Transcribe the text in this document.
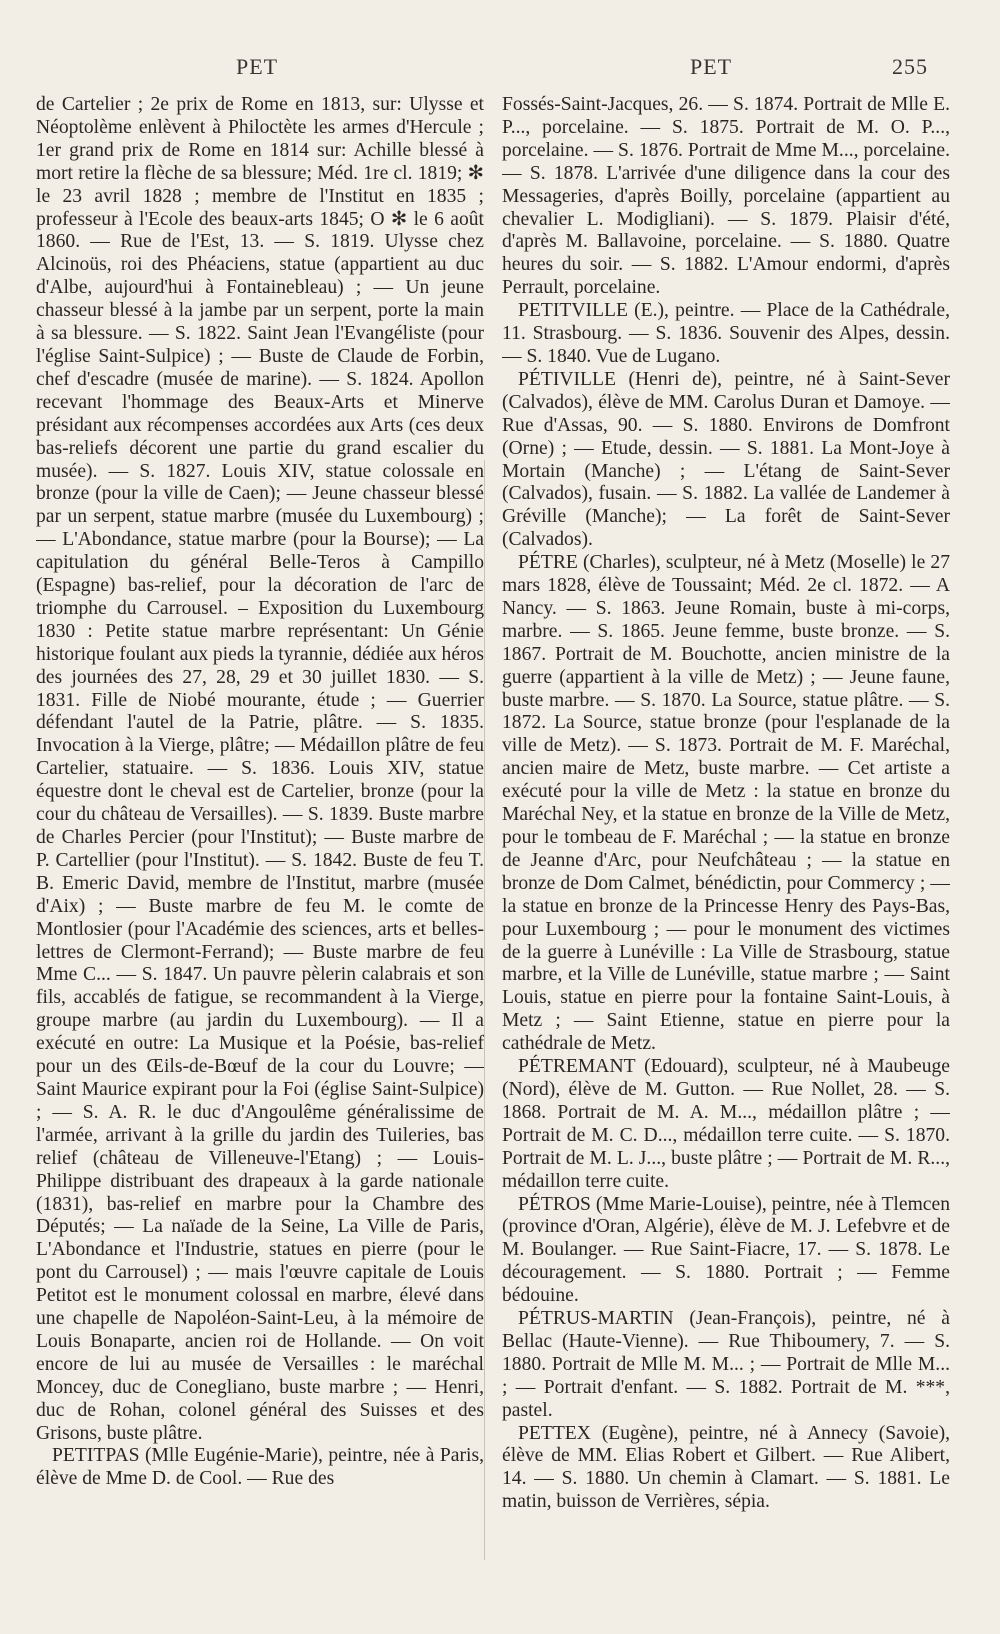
PET	PET	255

de Cartelier ; 2e prix de Rome en 1813, sur: Ulysse et Néoptolème enlèvent à Philoctète les armes d'Hercule ; 1er grand prix de Rome en 1814 sur: Achille blessé à mort retire la flèche de sa blessure; Méd. 1re cl. 1819; ✻ le 23 avril 1828 ; membre de l'Institut en 1835 ; professeur à l'Ecole des beaux-arts 1845; O ✻ le 6 août 1860. — Rue de l'Est, 13. — S. 1819. Ulysse chez Alcinoüs, roi des Phéaciens, statue (appartient au duc d'Albe, aujourd'hui à Fontainebleau) ; — Un jeune chasseur blessé à la jambe par un serpent, porte la main à sa blessure. — S. 1822. Saint Jean l'Evangéliste (pour l'église Saint-Sulpice) ; — Buste de Claude de Forbin, chef d'escadre (musée de marine). — S. 1824. Apollon recevant l'hommage des Beaux-Arts et Minerve présidant aux récompenses accordées aux Arts (ces deux bas-reliefs décorent une partie du grand escalier du musée). — S. 1827. Louis XIV, statue colossale en bronze (pour la ville de Caen); — Jeune chasseur blessé par un serpent, statue marbre (musée du Luxembourg) ; — L'Abondance, statue marbre (pour la Bourse); — La capitulation du général Belle-Teros à Campillo (Espagne) bas-relief, pour la décoration de l'arc de triomphe du Carrousel. – Exposition du Luxembourg 1830 : Petite statue marbre représentant: Un Génie historique foulant aux pieds la tyrannie, dédiée aux héros des journées des 27, 28, 29 et 30 juillet 1830. — S. 1831. Fille de Niobé mourante, étude ; — Guerrier défendant l'autel de la Patrie, plâtre. — S. 1835. Invocation à la Vierge, plâtre; — Médaillon plâtre de feu Cartelier, statuaire. — S. 1836. Louis XIV, statue équestre dont le cheval est de Cartelier, bronze (pour la cour du château de Versailles). — S. 1839. Buste marbre de Charles Percier (pour l'Institut); — Buste marbre de P. Cartellier (pour l'Institut). — S. 1842. Buste de feu T. B. Emeric David, membre de l'Institut, marbre (musée d'Aix) ; — Buste marbre de feu M. le comte de Montlosier (pour l'Académie des sciences, arts et belles-lettres de Clermont-Ferrand); — Buste marbre de feu Mme C... — S. 1847. Un pauvre pèlerin calabrais et son fils, accablés de fatigue, se recommandent à la Vierge, groupe marbre (au jardin du Luxembourg). — Il a exécuté en outre: La Musique et la Poésie, bas-relief pour un des Œils-de-Bœuf de la cour du Louvre; — Saint Maurice expirant pour la Foi (église Saint-Sulpice) ; — S. A. R. le duc d'Angoulême généralissime de l'armée, arrivant à la grille du jardin des Tuileries, bas relief (château de Villeneuve-l'Etang) ; — Louis-Philippe distribuant des drapeaux à la garde nationale (1831), bas-relief en marbre pour la Chambre des Députés; — La naïade de la Seine, La Ville de Paris, L'Abondance et l'Industrie, statues en pierre (pour le pont du Carrousel) ; — mais l'œuvre capitale de Louis Petitot est le monument colossal en marbre, élevé dans une chapelle de Napoléon-Saint-Leu, à la mémoire de Louis Bonaparte, ancien roi de Hollande. — On voit encore de lui au musée de Versailles : le maréchal Moncey, duc de Conegliano, buste marbre ; — Henri, duc de Rohan, colonel général des Suisses et des Grisons, buste plâtre.

PETITPAS (Mlle Eugénie-Marie), peintre, née à Paris, élève de Mme D. de Cool. — Rue des

Fossés-Saint-Jacques, 26. — S. 1874. Portrait de Mlle E. P..., porcelaine. — S. 1875. Portrait de M. O. P..., porcelaine. — S. 1876. Portrait de Mme M..., porcelaine. — S. 1878. L'arrivée d'une diligence dans la cour des Messageries, d'après Boilly, porcelaine (appartient au chevalier L. Modigliani). — S. 1879. Plaisir d'été, d'après M. Ballavoine, porcelaine. — S. 1880. Quatre heures du soir. — S. 1882. L'Amour endormi, d'après Perrault, porcelaine.

PETITVILLE (E.), peintre. — Place de la Cathédrale, 11. Strasbourg. — S. 1836. Souvenir des Alpes, dessin. — S. 1840. Vue de Lugano.

PÉTIVILLE (Henri de), peintre, né à Saint-Sever (Calvados), élève de MM. Carolus Duran et Damoye. — Rue d'Assas, 90. — S. 1880. Environs de Domfront (Orne) ; — Etude, dessin. — S. 1881. La Mont-Joye à Mortain (Manche) ; — L'étang de Saint-Sever (Calvados), fusain. — S. 1882. La vallée de Landemer à Gréville (Manche); — La forêt de Saint-Sever (Calvados).

PÉTRE (Charles), sculpteur, né à Metz (Moselle) le 27 mars 1828, élève de Toussaint; Méd. 2e cl. 1872. — A Nancy. — S. 1863. Jeune Romain, buste à mi-corps, marbre. — S. 1865. Jeune femme, buste bronze. — S. 1867. Portrait de M. Bouchotte, ancien ministre de la guerre (appartient à la ville de Metz) ; — Jeune faune, buste marbre. — S. 1870. La Source, statue plâtre. — S. 1872. La Source, statue bronze (pour l'esplanade de la ville de Metz). — S. 1873. Portrait de M. F. Maréchal, ancien maire de Metz, buste marbre. — Cet artiste a exécuté pour la ville de Metz : la statue en bronze du Maréchal Ney, et la statue en bronze de la Ville de Metz, pour le tombeau de F. Maréchal ; — la statue en bronze de Jeanne d'Arc, pour Neufchâteau ; — la statue en bronze de Dom Calmet, bénédictin, pour Commercy ; — la statue en bronze de la Princesse Henry des Pays-Bas, pour Luxembourg ; — pour le monument des victimes de la guerre à Lunéville : La Ville de Strasbourg, statue marbre, et la Ville de Lunéville, statue marbre ; — Saint Louis, statue en pierre pour la fontaine Saint-Louis, à Metz ; — Saint Etienne, statue en pierre pour la cathédrale de Metz.

PÉTREMANT (Edouard), sculpteur, né à Maubeuge (Nord), élève de M. Gutton. — Rue Nollet, 28. — S. 1868. Portrait de M. A. M..., médaillon plâtre ; — Portrait de M. C. D..., médaillon terre cuite. — S. 1870. Portrait de M. L. J..., buste plâtre ; — Portrait de M. R..., médaillon terre cuite.

PÉTROS (Mme Marie-Louise), peintre, née à Tlemcen (province d'Oran, Algérie), élève de M. J. Lefebvre et de M. Boulanger. — Rue Saint-Fiacre, 17. — S. 1878. Le découragement. — S. 1880. Portrait ; — Femme bédouine.

PÉTRUS-MARTIN (Jean-François), peintre, né à Bellac (Haute-Vienne). — Rue Thiboumery, 7. — S. 1880. Portrait de Mlle M. M... ; — Portrait de Mlle M... ; — Portrait d'enfant. — S. 1882. Portrait de M. ***, pastel.

PETTEX (Eugène), peintre, né à Annecy (Savoie), élève de MM. Elias Robert et Gilbert. — Rue Alibert, 14. — S. 1880. Un chemin à Clamart. — S. 1881. Le matin, buisson de Verrières, sépia.
